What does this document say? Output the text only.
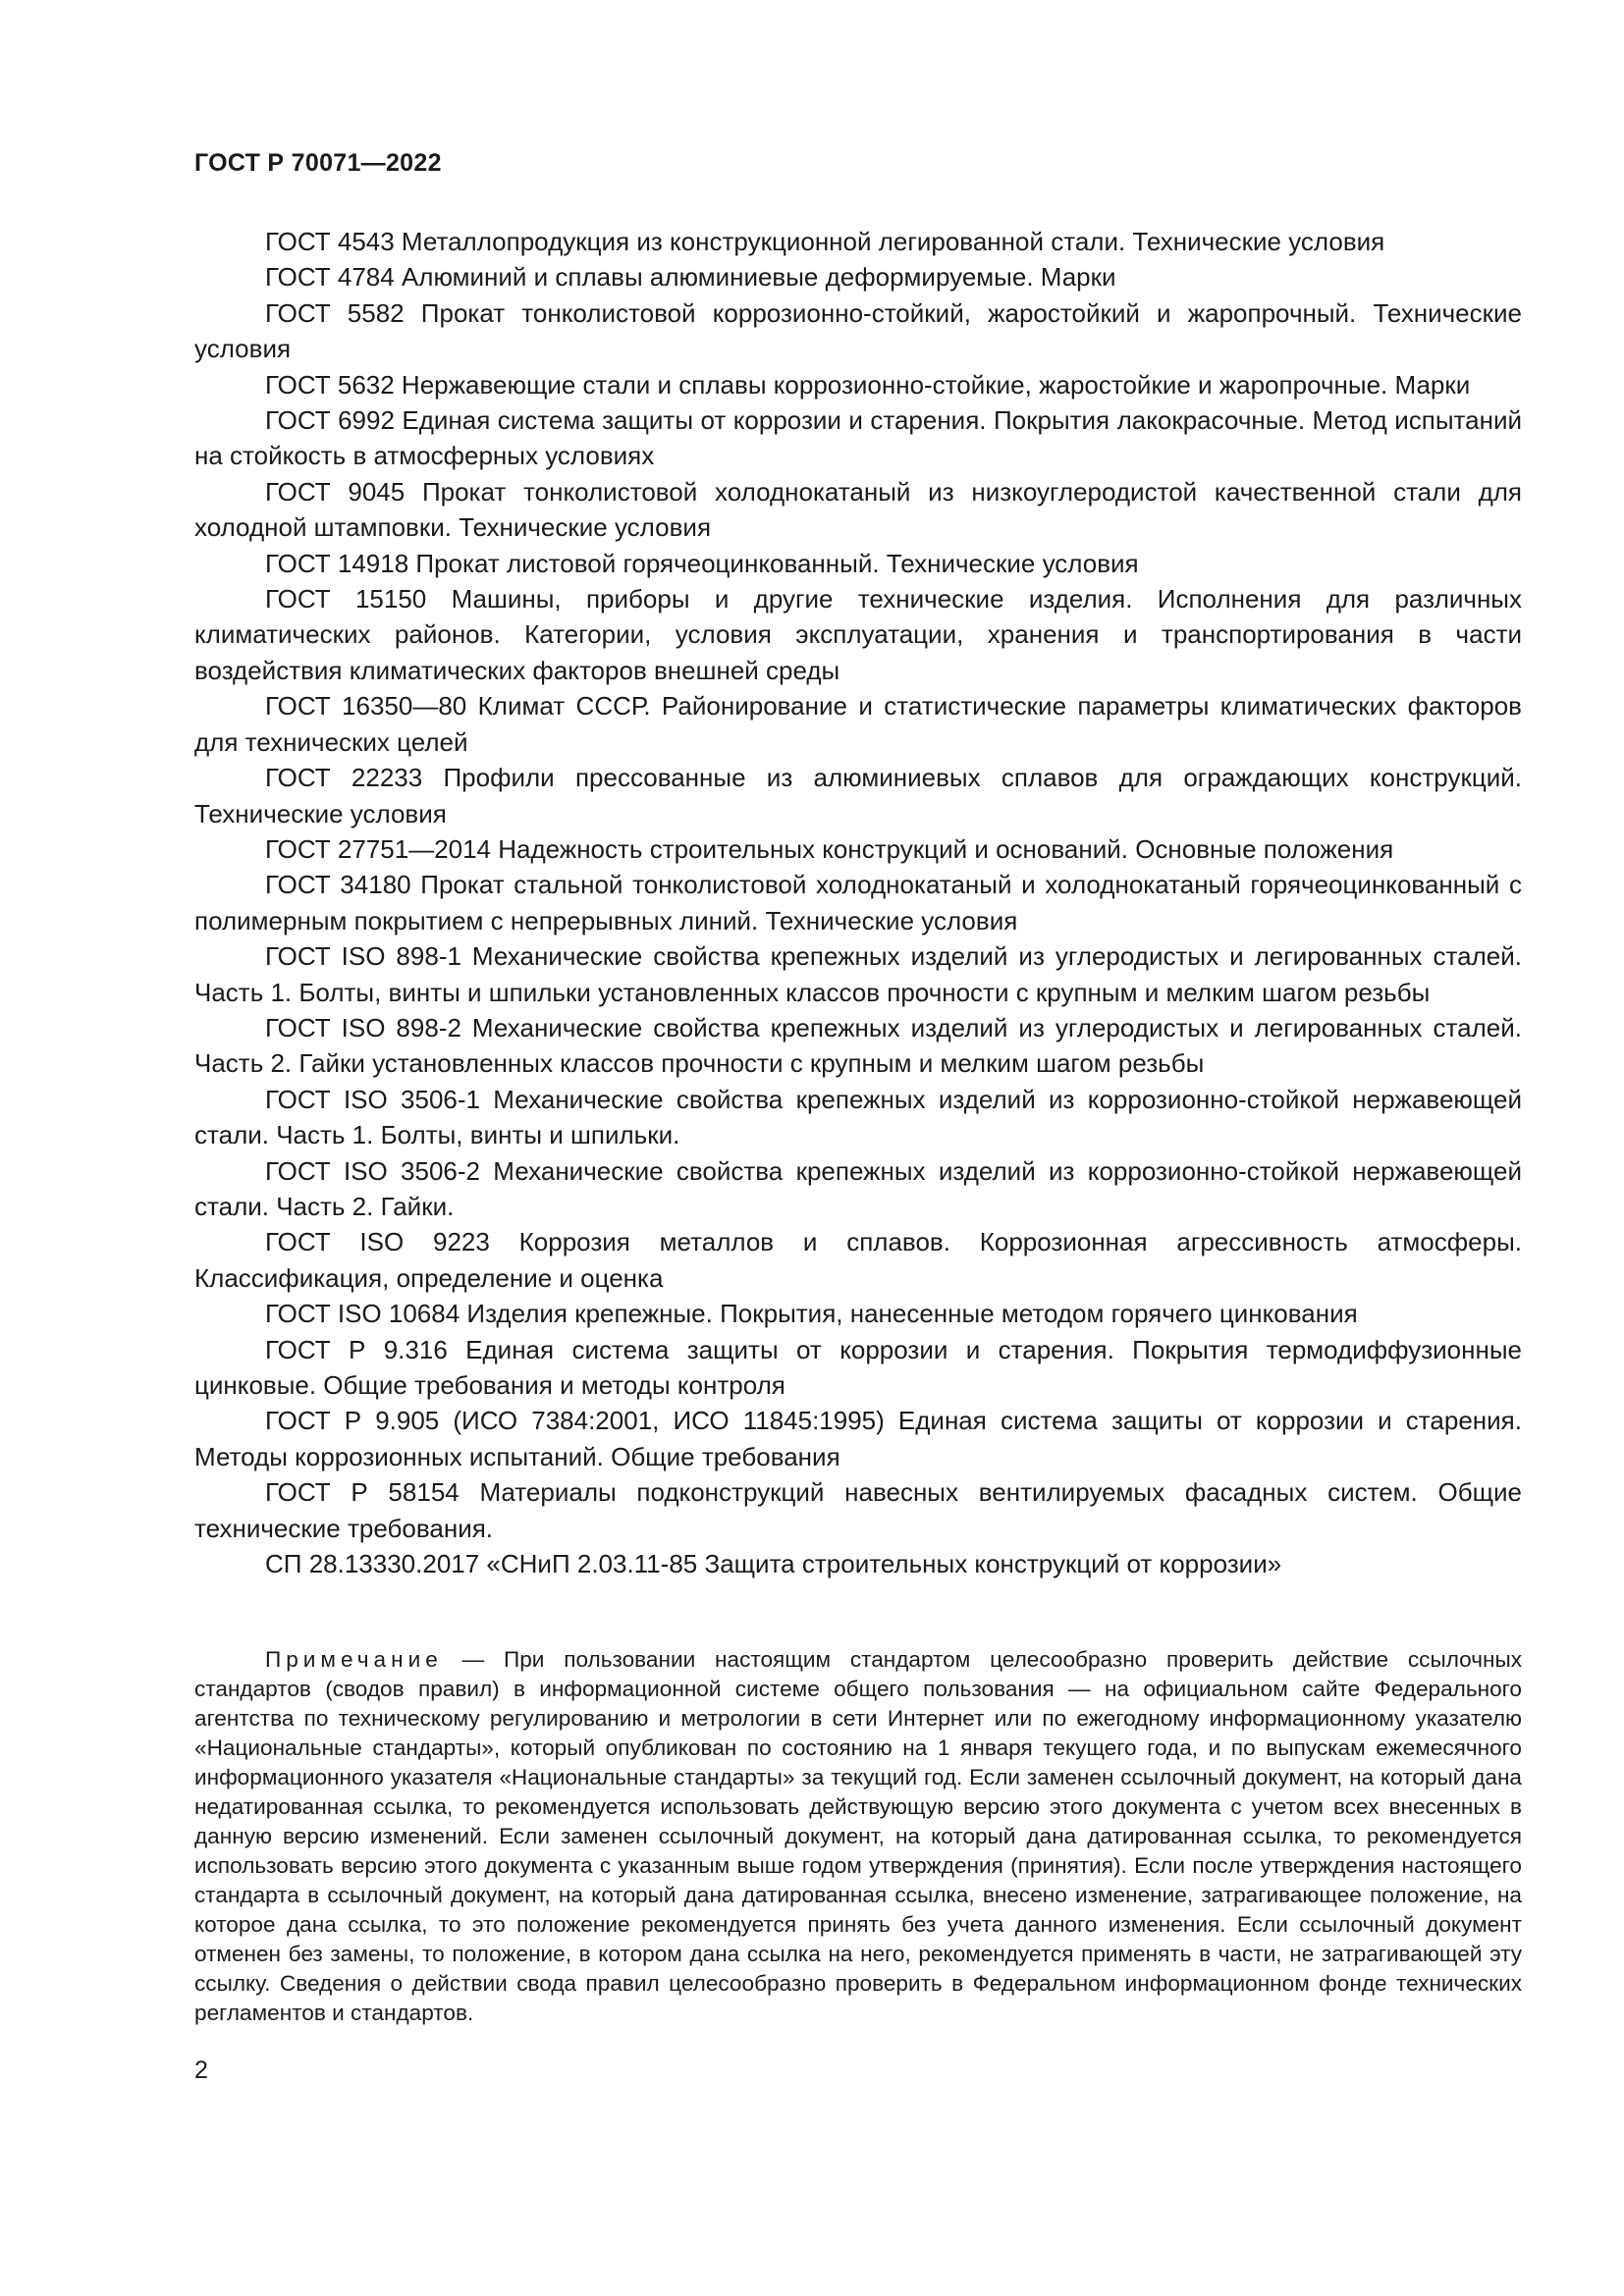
ГОСТ Р 70071—2022

ГОСТ 4543 Металлопродукция из конструкционной легированной стали. Технические условия

ГОСТ 4784 Алюминий и сплавы алюминиевые деформируемые. Марки

ГОСТ 5582 Прокат тонколистовой коррозионно-стойкий, жаростойкий и жаропрочный. Технические условия

ГОСТ 5632 Нержавеющие стали и сплавы коррозионно-стойкие, жаростойкие и жаропрочные. Марки

ГОСТ 6992 Единая система защиты от коррозии и старения. Покрытия лакокрасочные. Метод испытаний на стойкость в атмосферных условиях

ГОСТ 9045 Прокат тонколистовой холоднокатаный из низкоуглеродистой качественной стали для холодной штамповки. Технические условия

ГОСТ 14918 Прокат листовой горячеоцинкованный. Технические условия

ГОСТ 15150 Машины, приборы и другие технические изделия. Исполнения для различных климатических районов. Категории, условия эксплуатации, хранения и транспортирования в части воздействия климатических факторов внешней среды

ГОСТ 16350—80 Климат СССР. Районирование и статистические параметры климатических факторов для технических целей

ГОСТ 22233 Профили прессованные из алюминиевых сплавов для ограждающих конструкций. Технические условия

ГОСТ 27751—2014 Надежность строительных конструкций и оснований. Основные положения

ГОСТ 34180 Прокат стальной тонколистовой холоднокатаный и холоднокатаный горячеоцинкованный с полимерным покрытием с непрерывных линий. Технические условия

ГОСТ ISO 898-1 Механические свойства крепежных изделий из углеродистых и легированных сталей. Часть 1. Болты, винты и шпильки установленных классов прочности с крупным и мелким шагом резьбы

ГОСТ ISO 898-2 Механические свойства крепежных изделий из углеродистых и легированных сталей. Часть 2. Гайки установленных классов прочности с крупным и мелким шагом резьбы

ГОСТ ISO 3506-1 Механические свойства крепежных изделий из коррозионно-стойкой нержавеющей стали. Часть 1. Болты, винты и шпильки.

ГОСТ ISO 3506-2 Механические свойства крепежных изделий из коррозионно-стойкой нержавеющей стали. Часть 2. Гайки.

ГОСТ ISO 9223 Коррозия металлов и сплавов. Коррозионная агрессивность атмосферы. Классификация, определение и оценка

ГОСТ ISO 10684 Изделия крепежные. Покрытия, нанесенные методом горячего цинкования

ГОСТ Р 9.316 Единая система защиты от коррозии и старения. Покрытия термодиффузионные цинковые. Общие требования и методы контроля

ГОСТ Р 9.905 (ИСО 7384:2001, ИСО 11845:1995) Единая система защиты от коррозии и старения. Методы коррозионных испытаний. Общие требования

ГОСТ Р 58154 Материалы подконструкций навесных вентилируемых фасадных систем. Общие технические требования.

СП 28.13330.2017 «СНиП 2.03.11-85 Защита строительных конструкций от коррозии»

Примечание — При пользовании настоящим стандартом целесообразно проверить действие ссылочных стандартов (сводов правил) в информационной системе общего пользования — на официальном сайте Федерального агентства по техническому регулированию и метрологии в сети Интернет или по ежегодному информационному указателю «Национальные стандарты», который опубликован по состоянию на 1 января текущего года, и по выпускам ежемесячного информационного указателя «Национальные стандарты» за текущий год. Если заменен ссылочный документ, на который дана недатированная ссылка, то рекомендуется использовать действующую версию этого документа с учетом всех внесенных в данную версию изменений. Если заменен ссылочный документ, на который дана датированная ссылка, то рекомендуется использовать версию этого документа с указанным выше годом утверждения (принятия). Если после утверждения настоящего стандарта в ссылочный документ, на который дана датированная ссылка, внесено изменение, затрагивающее положение, на которое дана ссылка, то это положение рекомендуется принять без учета данного изменения. Если ссылочный документ отменен без замены, то положение, в котором дана ссылка на него, рекомендуется применять в части, не затрагивающей эту ссылку. Сведения о действии свода правил целесообразно проверить в Федеральном информационном фонде технических регламентов и стандартов.

2
